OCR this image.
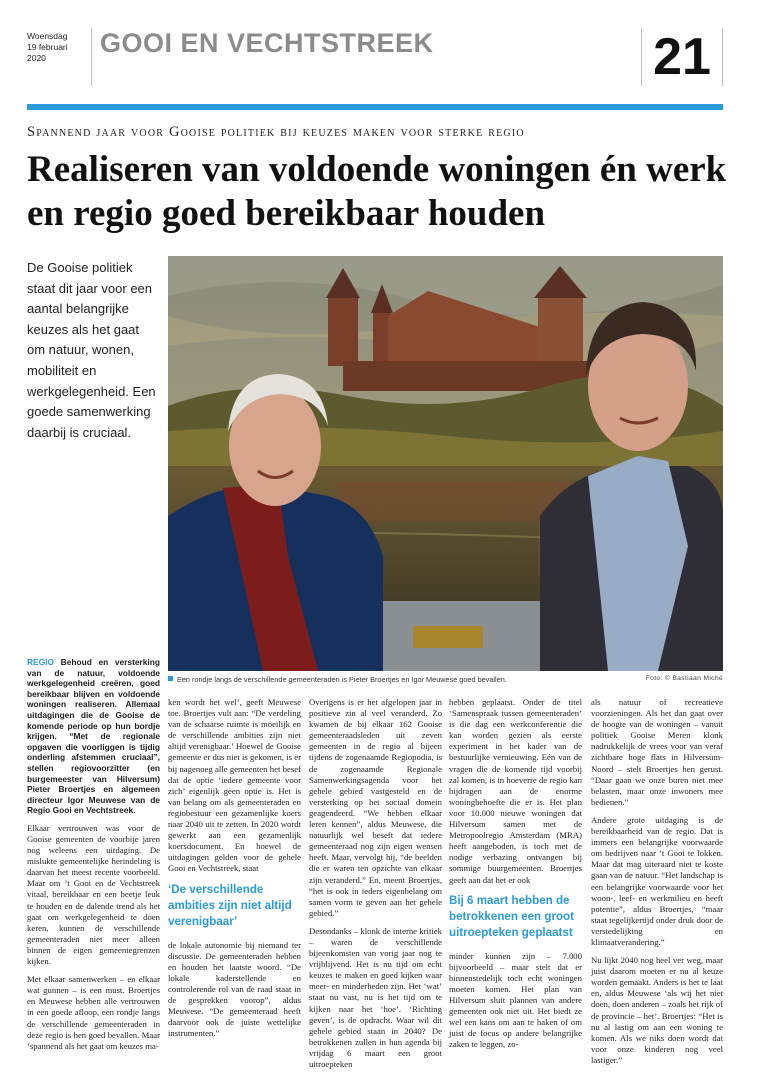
Woensdag
19 februari
2020	GOOI EN VECHTSTREEK	21
Spannend jaar voor Gooise politiek bij keuzes maken voor sterke regio
Realiseren van voldoende woningen én werk en regio goed bereikbaar houden
De Gooise politiek staat dit jaar voor een aantal belangrijke keuzes als het gaat om natuur, wonen, mobiliteit en werkgelegenheid. Een goede samenwerking daarbij is cruciaal.
Een rondje langs de verschillende gemeenteraden is Pieter Broertjes en Igor Meuwese goed bevallen.	Foto: © Bastiaan Miché

REGIO Behoud en versterking van de natuur, voldoende werkgelegenheid creëren, goed bereikbaar blijven en voldoende woningen realiseren. Allemaal uitdagingen die de Gooise de komende periode op hun bordje krijgen. “Met de regionale opgaven die voorliggen is tijdig onderling afstemmen cruciaal”, stellen regiovoorzitter (en burgemeester van Hilversum) Pieter Broertjes en algemeen directeur Igor Meuwese van de Regio Gooi en Vechtstreek.

Elkaar vertrouwen was voor de Gooise gemeenten de voorbije jaren nog weleens een uitdaging. De mislukte gemeentelijke herindeling is daarvan het meest recente voorbeeld. Maar om ’t Gooi en de Vechtstreek vitaal, bereikbaar en een beetje leuk te houden en de dalende trend als het gaat om werkgelegenheid te doen keren, kunnen de verschillende gemeenteraden niet meer alleen binnen de eigen gemeentegrenzen kijken.

Met elkaar samenwerken – en elkaar wat gunnen – is een must. Broertjes en Meuwese hebben alle vertrouwen in een goede afloop, een rondje langs de verschillende gemeenteraden in deze regio is hen goed bevallen. Maar ‘spannend als het gaat om keuzes ma-

ken wordt het wel’, geeft Meuwese toe. Broertjes vult aan: “De verdeling van de schaarse ruimte is moeilijk en de verschillende ambities zijn niet altijd verenigbaar.’ Hoewel de Gooise gemeente er dus niet is gekomen, is er bij nagenoeg alle gemeenten het besef dat de optie ‘iedere gemeente voor zich’ eigenlijk geen optie is. Het is van belang om als gemeenteraden en regiobestuur een gezamenlijke koers naar 2040 uit te zetten. In 2020 wordt gewerkt aan een gezamenlijk koersdocument. En hoewel de uitdagingen gelden voor de gehele Gooi en Vechtstreek, staat

‘De verschillende ambities zijn niet altijd verenigbaar’

de lokale autonomie bij niemand ter discussie. De gemeenteraden hebben en houden het laatste woord. “De lokale kaderstellende en controlerende rol van de raad staat in de gesprekken voorop”, aldus Meuwese. “De gemeenteraad heeft daarvoor ook de juiste wettelijke instrumenten.”

Overigens is er het afgelopen jaar in positieve zin al veel veranderd. Zo kwamen de bij elkaar 162 Gooise gemeenteraadsleden uit zeven gemeenten in de regio al bijeen tijdens de zogenaamde Regiopodia, is de zogenaamde Regionale Samenwerkingsagenda voor het gehele gebied vastgesteld en de versterking op het sociaal domein geagendeerd. “We hebben elkaar leren kennen”, aldus Meuwese, die natuurlijk wel beseft dat iedere gemeenteraad nog zijn eigen wensen heeft. Maar, vervolgt hij, “de beelden die er waren ten opzichte van elkaar zijn veranderd.” En, meent Broertjes, “het is ook in ieders eigenbelang om samen vorm te geven aan het gehele gebied.”

Desondanks – klonk de interne kritiek – waren de verschillende bijeenkomsten van vorig jaar nog te vrijblijvend. Het is nu tijd om echt keuzes te maken en goed kijken waar meer- en minderheden zijn. Het ‘wat’ staat nu vast, nu is het tijd om te kijken naar het ‘hoe’. ‘Richting geven’, is de opdracht. Waar wil dit gehele gebied staan in 2040? De betrokkenen zullen in hun agenda bij vrijdag 6 maart een groot uitroepteken

hebben geplaatst. Onder de titel ‘Samenspraak tussen gemeenteraden’ is die dag een werkconferentie die kan worden gezien als eerste experiment in het kader van de bestuurlijke vernieuwing. Eén van de vragen die de komende tijd voorbij zal komen, is in hoeverre de regio kan bijdragen aan de enorme woningbehoefte die er is. Het plan voor 10.000 nieuwe woningen dat Hilversum samen met de Metropoolregio Amsterdam (MRA) heeft aangeboden, is toch met de nodige verbazing ontvangen bij sommige buurgemeenten. Broertjes geeft aan dat het er ook

Bij 6 maart hebben de betrokkenen een groot uitroepteken geplaatst

minder kunnen zijn – 7.000 bijvoorbeeld – maar stelt dat er binnenstedelijk toch echt woningen moeten komen. Het plan van Hilversum sluit plannen van andere gemeenten ook niet uit. Het biedt ze wel een kans om aan te haken of om juist de focus op andere belangrijke zaken te leggen, zo-

als natuur of recreatieve voorzieningen. Als het dan gaat over de hoogte van de woningen – vanuit politiek Gooise Meren klonk nadrukkelijk de vrees voor van veraf zichtbare hoge flats in Hilversum-Noord – stelt Broertjes hen gerust. “Daar gaan we onze buren niet mee belasten, maar onze inwoners mee bedienen.”

Andere grote uitdaging is de bereikbaarheid van de regio. Dat is immers een belangrijke voorwaarde om bedrijven naar ‘t Gooi te lokken. Maar dat mag uiteraard niet te koste gaan van de natuur. “Het landschap is een belangrijke voorwaarde voor het woon-, leef- en werkmilieu en heeft potentie”, aldus Broertjes, “maar staat tegelijkertijd onder druk door de verstedelijking en klimaatverandering.”

Nu lijkt 2040 nog heel ver weg, maar juist daarom moeten er nu al keuze worden gemaakt. Anders is het te laat en, aldus Meuwese ‘als wij het niet doen, doen anderen – zoals het rijk of de provincie – het’. Broertjes: “Het is nu al lastig om aan een woning te komen. Als we niks doen wordt dat voor onze kinderen nog veel lastiger.”
